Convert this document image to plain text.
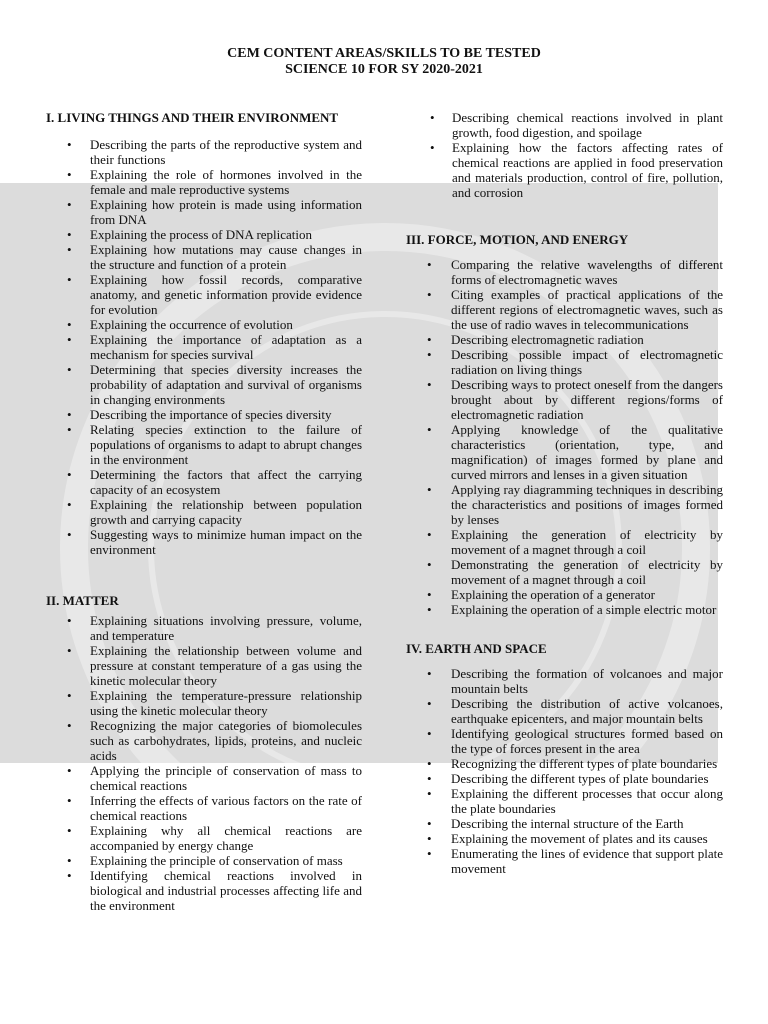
CEM CONTENT AREAS/SKILLS TO BE TESTED
SCIENCE 10 FOR SY 2020-2021
I. LIVING THINGS AND THEIR ENVIRONMENT
• Describing the parts of the reproductive system and their functions
• Explaining the role of hormones involved in the female and male reproductive systems
• Explaining how protein is made using information from DNA
• Explaining the process of DNA replication
• Explaining how mutations may cause changes in the structure and function of a protein
• Explaining how fossil records, comparative anatomy, and genetic information provide evidence for evolution
• Explaining the occurrence of evolution
• Explaining the importance of adaptation as a mechanism for species survival
• Determining that species diversity increases the probability of adaptation and survival of organisms in changing environments
• Describing the importance of species diversity
• Relating species extinction to the failure of populations of organisms to adapt to abrupt changes in the environment
• Determining the factors that affect the carrying capacity of an ecosystem
• Explaining the relationship between population growth and carrying capacity
• Suggesting ways to minimize human impact on the environment
II. MATTER
• Explaining situations involving pressure, volume, and temperature
• Explaining the relationship between volume and pressure at constant temperature of a gas using the kinetic molecular theory
• Explaining the temperature-pressure relationship using the kinetic molecular theory
• Recognizing the major categories of biomolecules such as carbohydrates, lipids, proteins, and nucleic acids
• Applying the principle of conservation of mass to chemical reactions
• Inferring the effects of various factors on the rate of chemical reactions
• Explaining why all chemical reactions are accompanied by energy change
• Explaining the principle of conservation of mass
• Identifying chemical reactions involved in biological and industrial processes affecting life and the environment
• Describing chemical reactions involved in plant growth, food digestion, and spoilage
• Explaining how the factors affecting rates of chemical reactions are applied in food preservation and materials production, control of fire, pollution, and corrosion
III. FORCE, MOTION, AND ENERGY
• Comparing the relative wavelengths of different forms of electromagnetic waves
• Citing examples of practical applications of the different regions of electromagnetic waves, such as the use of radio waves in telecommunications
• Describing electromagnetic radiation
• Describing possible impact of electromagnetic radiation on living things
• Describing ways to protect oneself from the dangers brought about by different regions/forms of electromagnetic radiation
• Applying knowledge of the qualitative characteristics (orientation, type, and magnification) of images formed by plane and curved mirrors and lenses in a given situation
• Applying ray diagramming techniques in describing the characteristics and positions of images formed by lenses
• Explaining the generation of electricity by movement of a magnet through a coil
• Demonstrating the generation of electricity by movement of a magnet through a coil
• Explaining the operation of a generator
• Explaining the operation of a simple electric motor
IV. EARTH AND SPACE
• Describing the formation of volcanoes and major mountain belts
• Describing the distribution of active volcanoes, earthquake epicenters, and major mountain belts
• Identifying geological structures formed based on the type of forces present in the area
• Recognizing the different types of plate boundaries
• Describing the different types of plate boundaries
• Explaining the different processes that occur along the plate boundaries
• Describing the internal structure of the Earth
• Explaining the movement of plates and its causes
• Enumerating the lines of evidence that support plate movement
